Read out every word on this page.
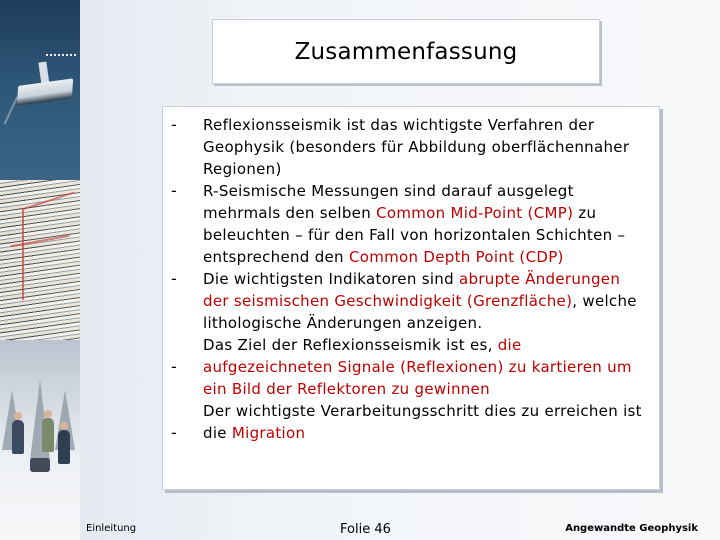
Zusammenfassung
-
-
-
-
-
Reflexionsseismik ist das wichtigste Verfahren der Geophysik (besonders für Abbildung oberflächennaher Regionen)
R-Seismische Messungen sind darauf ausgelegt mehrmals den selben Common Mid-Point (CMP) zu beleuchten – für den Fall von horizontalen Schichten – entsprechend den Common Depth Point (CDP)
Die wichtigsten Indikatoren sind abrupte Änderungen der seismischen Geschwindigkeit (Grenzfläche), welche lithologische Änderungen anzeigen.
Das Ziel der Reflexionsseismik ist es, die aufgezeichneten Signale (Reflexionen) zu kartieren um ein Bild der Reflektoren zu gewinnen
Der wichtigste Verarbeitungsschritt dies zu erreichen ist die Migration
Einleitung	Folie 46	Angewandte Geophysik
